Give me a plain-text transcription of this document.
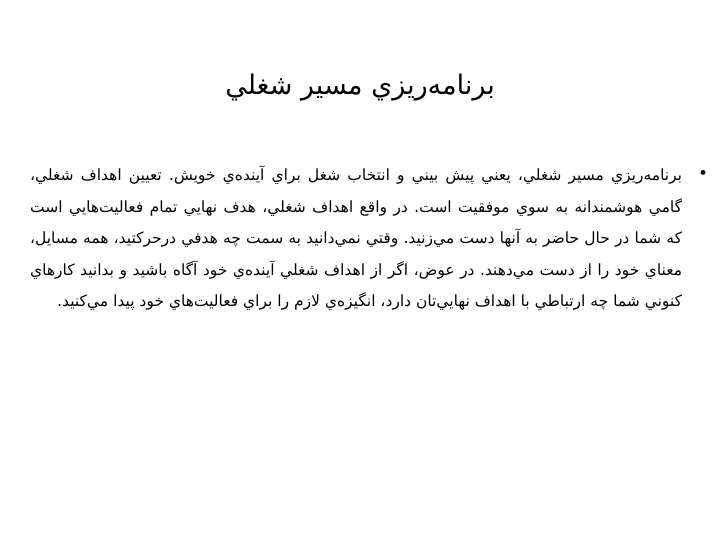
برنامه‌ريزي مسير شغلي
•

برنامه‌ريزي مسير شغلي، يعني پيش بيني و انتخاب شغل براي آينده‌ي خويش. تعيين اهداف شغلي، گامي هوشمندانه به سوي موفقيت است. در واقع اهداف شغلي، هدف نهايي تمام فعاليت‌هايي است كه شما در حال حاضر به آنها دست مي‌زنيد. وقتي نمي‌دانيد به سمت چه هدفي درحركتيد، همه مسايل، معناي خود را از دست مي‌دهند. در عوض، اگر از اهداف شغلي آينده‌ي خود آگاه باشيد و بدانيد كارهاي كنوني شما چه ارتباطي با اهداف نهايي‌تان دارد، انگيزه‌ي لازم را براي فعاليت‌هاي خود پيدا مي‌كنيد.
